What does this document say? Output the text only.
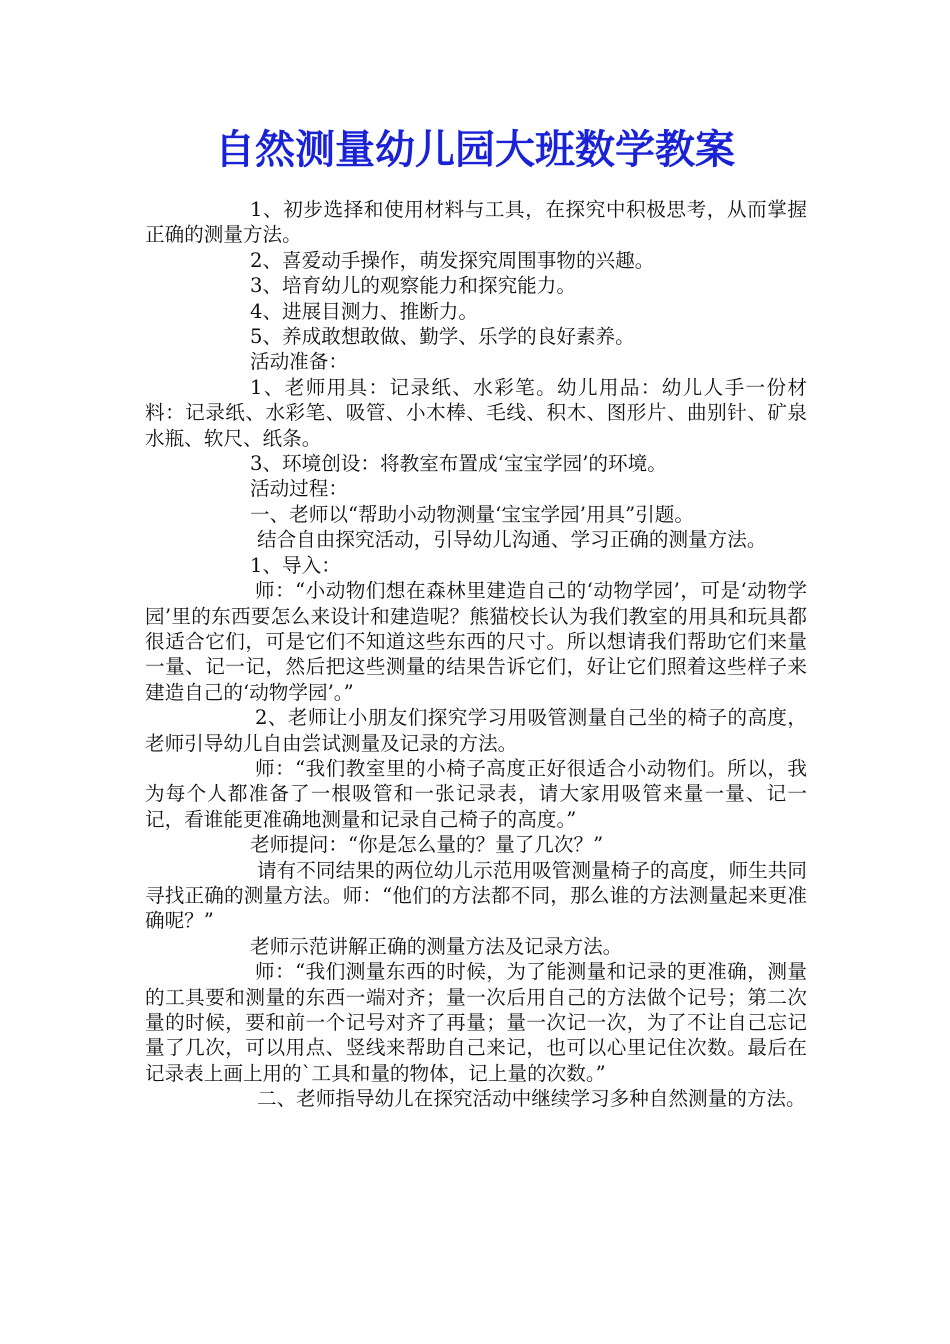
自然测量幼儿园大班数学教案

1、初步选择和使用材料与工具，在探究中积极思考，从而掌握正确的测量方法。

2、喜爱动手操作，萌发探究周围事物的兴趣。

3、培育幼儿的观察能力和探究能力。

4、进展目测力、推断力。

5、养成敢想敢做、勤学、乐学的良好素养。

活动准备：

1、老师用具：记录纸、水彩笔。幼儿用品：幼儿人手一份材料：记录纸、水彩笔、吸管、小木棒、毛线、积木、图形片、曲别针、矿泉水瓶、软尺、纸条。

3、环境创设：将教室布置成‘宝宝学园’的环境。

活动过程：

一、老师以“帮助小动物测量‘宝宝学园’用具”引题。

结合自由探究活动，引导幼儿沟通、学习正确的测量方法。

1、导入：

师：“小动物们想在森林里建造自己的‘动物学园’，可是‘动物学园’里的东西要怎么来设计和建造呢？熊猫校长认为我们教室的用具和玩具都很适合它们，可是它们不知道这些东西的尺寸。所以想请我们帮助它们来量一量、记一记，然后把这些测量的结果告诉它们，好让它们照着这些样子来建造自己的‘动物学园’。”

2、老师让小朋友们探究学习用吸管测量自己坐的椅子的高度，老师引导幼儿自由尝试测量及记录的方法。

师：“我们教室里的小椅子高度正好很适合小动物们。所以，我为每个人都准备了一根吸管和一张记录表，请大家用吸管来量一量、记一记，看谁能更准确地测量和记录自己椅子的高度。”

老师提问：“你是怎么量的？量了几次？”

请有不同结果的两位幼儿示范用吸管测量椅子的高度，师生共同寻找正确的测量方法。师：“他们的方法都不同，那么谁的方法测量起来更准确呢？”

老师示范讲解正确的测量方法及记录方法。

师：“我们测量东西的时候，为了能测量和记录的更准确，测量的工具要和测量的东西一端对齐；量一次后用自己的方法做个记号；第二次量的时候，要和前一个记号对齐了再量；量一次记一次，为了不让自己忘记量了几次，可以用点、竖线来帮助自己来记，也可以心里记住次数。最后在记录表上画上用的`工具和量的物体，记上量的次数。”

二、老师指导幼儿在探究活动中继续学习多种自然测量的方法。
